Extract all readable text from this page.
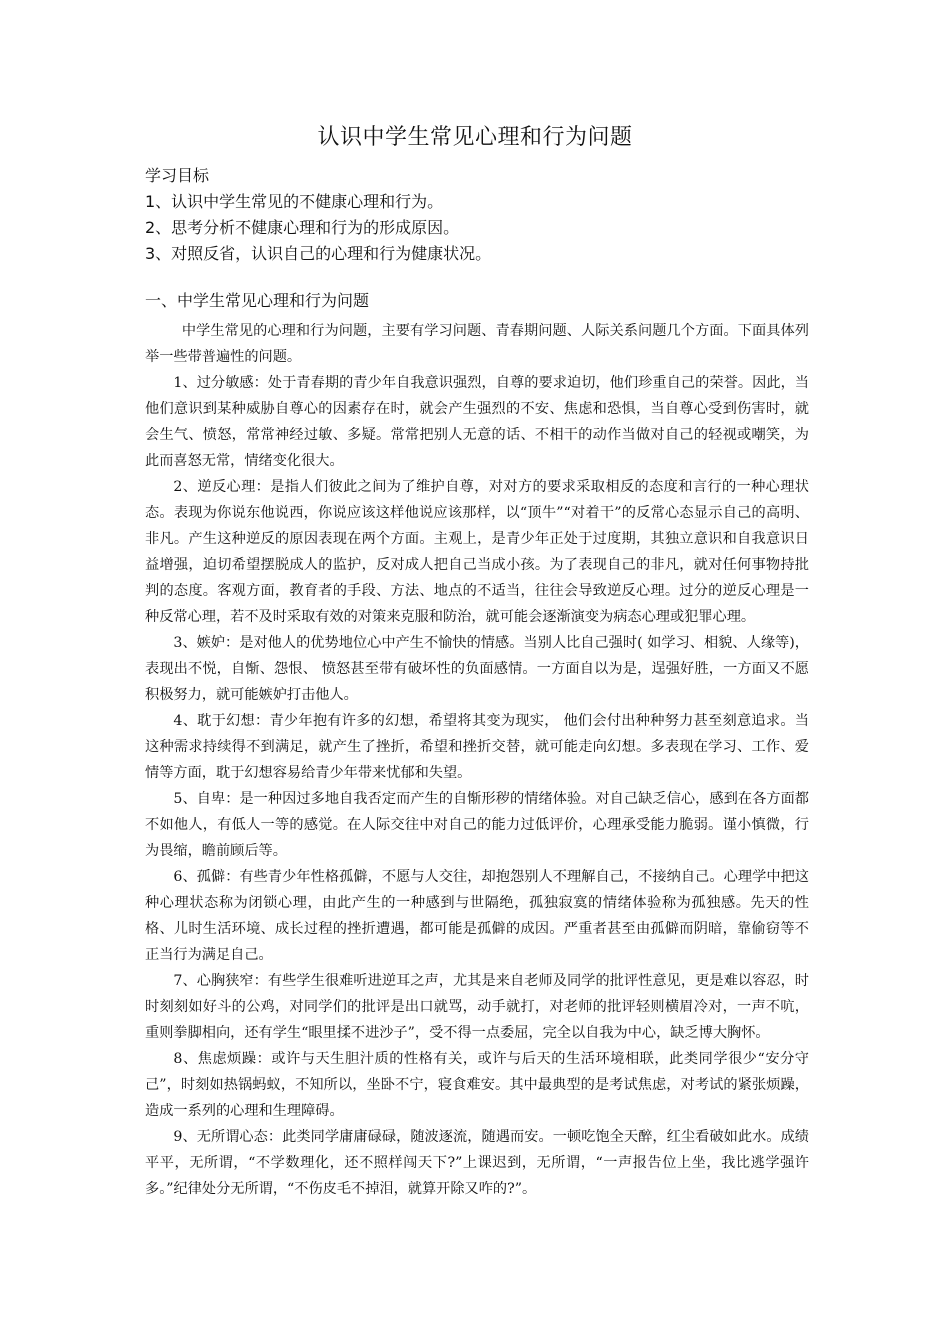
认识中学生常见心理和行为问题
学习目标
1、认识中学生常见的不健康心理和行为。
2、思考分析不健康心理和行为的形成原因。
3、对照反省，认识自己的心理和行为健康状况。
一、中学生常见心理和行为问题

中学生常见的心理和行为问题，主要有学习问题、青春期问题、人际关系问题几个方面。下面具体列举一些带普遍性的问题。

1、过分敏感：处于青春期的青少年自我意识强烈，自尊的要求迫切，他们珍重自己的荣誉。因此，当他们意识到某种威胁自尊心的因素存在时，就会产生强烈的不安、焦虑和恐惧，当自尊心受到伤害时，就会生气、愤怒，常常神经过敏、多疑。常常把别人无意的话、不相干的动作当做对自己的轻视或嘲笑，为此而喜怒无常，情绪变化很大。

2、逆反心理：是指人们彼此之间为了维护自尊，对对方的要求采取相反的态度和言行的一种心理状态。表现为你说东他说西，你说应该这样他说应该那样，以“顶牛”“对着干”的反常心态显示自己的高明、非凡。产生这种逆反的原因表现在两个方面。主观上，是青少年正处于过度期，其独立意识和自我意识日益增强，迫切希望摆脱成人的监护，反对成人把自己当成小孩。为了表现自己的非凡，就对任何事物持批判的态度。客观方面，教育者的手段、方法、地点的不适当，往往会导致逆反心理。过分的逆反心理是一种反常心理，若不及时采取有效的对策来克服和防治，就可能会逐渐演变为病态心理或犯罪心理。

3、嫉妒：是对他人的优势地位心中产生不愉快的情感。当别人比自己强时( 如学习、相貌、人缘等)，表现出不悦，自惭、怨恨、 愤怒甚至带有破坏性的负面感情。一方面自以为是，逞强好胜，一方面又不愿积极努力，就可能嫉妒打击他人。

4、耽于幻想：青少年抱有许多的幻想，希望将其变为现实， 他们会付出种种努力甚至刻意追求。当这种需求持续得不到满足，就产生了挫折，希望和挫折交替，就可能走向幻想。多表现在学习、工作、爱情等方面，耽于幻想容易给青少年带来忧郁和失望。

5、自卑：是一种因过多地自我否定而产生的自惭形秽的情绪体验。对自己缺乏信心，感到在各方面都不如他人，有低人一等的感觉。在人际交往中对自己的能力过低评价，心理承受能力脆弱。谨小慎微，行为畏缩，瞻前顾后等。

6、孤僻：有些青少年性格孤僻，不愿与人交往，却抱怨别人不理解自己，不接纳自己。心理学中把这种心理状态称为闭锁心理，由此产生的一种感到与世隔绝，孤独寂寞的情绪体验称为孤独感。先天的性格、儿时生活环境、成长过程的挫折遭遇，都可能是孤僻的成因。严重者甚至由孤僻而阴暗，靠偷窃等不正当行为满足自己。

7、心胸狭窄：有些学生很难听进逆耳之声，尤其是来自老师及同学的批评性意见，更是难以容忍，时时刻刻如好斗的公鸡，对同学们的批评是出口就骂，动手就打，对老师的批评轻则横眉冷对，一声不吭，重则拳脚相向，还有学生“眼里揉不进沙子”，受不得一点委屈，完全以自我为中心，缺乏博大胸怀。

8、焦虑烦躁：或许与天生胆汁质的性格有关，或许与后天的生活环境相联，此类同学很少“安分守己”，时刻如热锅蚂蚁，不知所以，坐卧不宁，寝食难安。其中最典型的是考试焦虑，对考试的紧张烦躁，造成一系列的心理和生理障碍。

9、无所谓心态：此类同学庸庸碌碌，随波逐流，随遇而安。一顿吃饱全天醉，红尘看破如此水。成绩平平，无所谓，“不学数理化，还不照样闯天下?”上课迟到，无所谓，“一声报告位上坐，我比逃学强许多。”纪律处分无所谓，“不伤皮毛不掉泪，就算开除又咋的?”。
